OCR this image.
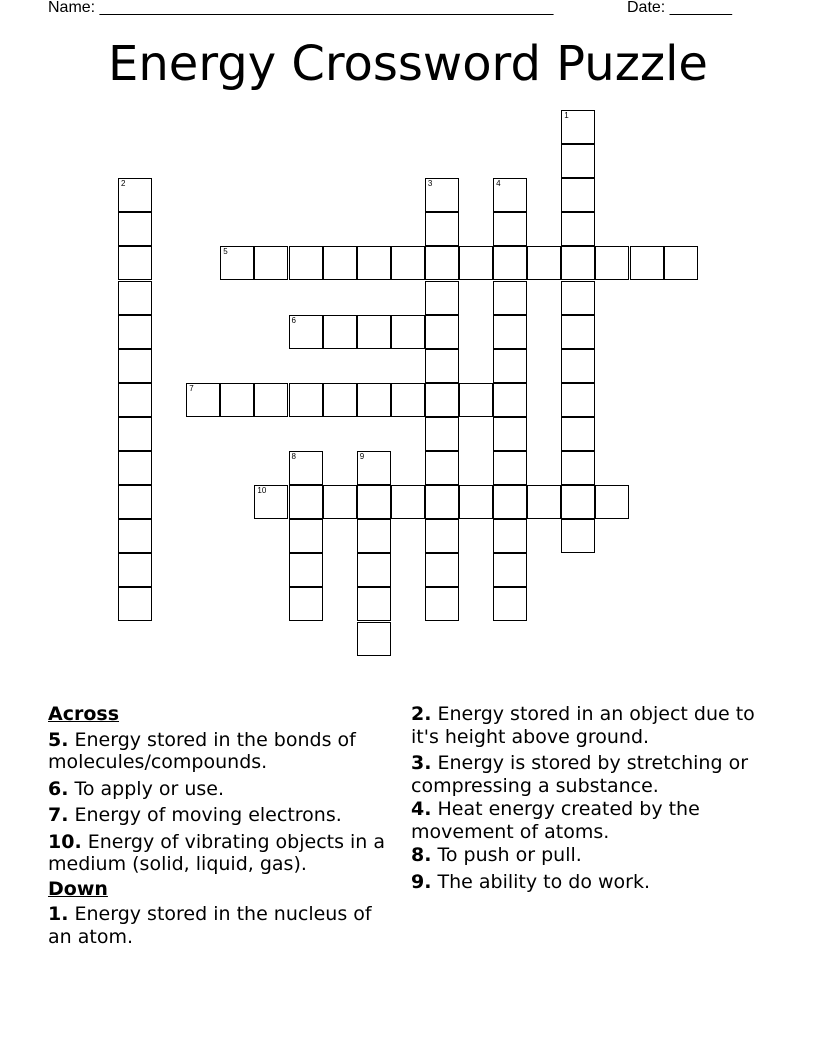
Name: ___________________________________________________	Date: _______
Energy Crossword Puzzle
1
2	3	4
5
6
7
8	9
10
Across
5. Energy stored in the bonds of molecules/compounds.
6. To apply or use.
7. Energy of moving electrons.
10. Energy of vibrating objects in a medium (solid, liquid, gas).
Down
1. Energy stored in the nucleus of an atom.
2. Energy stored in an object due to it's height above ground.
3. Energy is stored by stretching or compressing a substance.
4. Heat energy created by the movement of atoms.
8. To push or pull.
9. The ability to do work.
